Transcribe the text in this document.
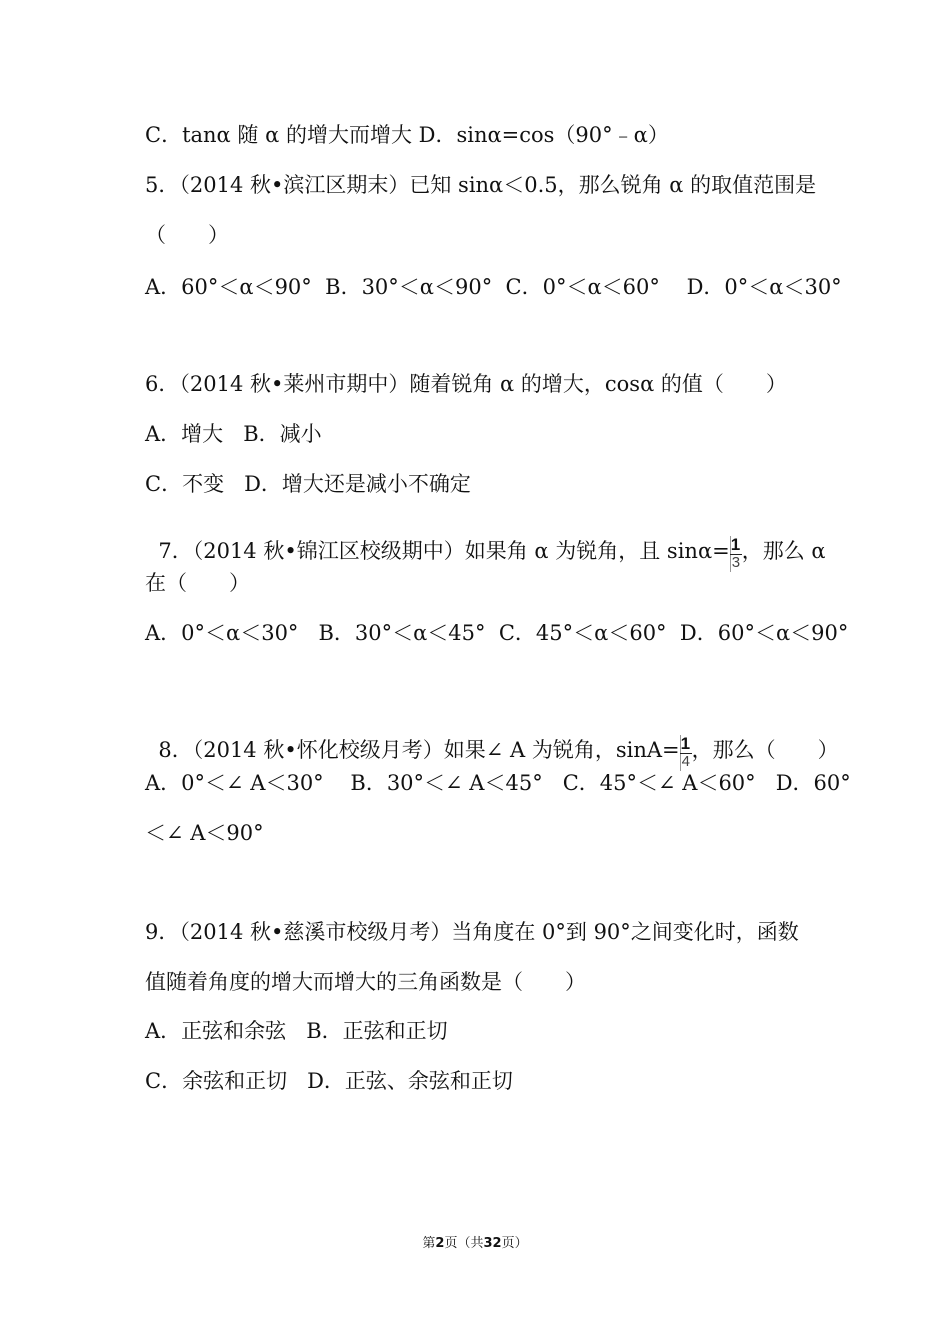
C．tanα 随 α 的增大而增大 D．sinα=cos（90°﹣α）
5．（2014 秋•滨江区期末）已知 sinα＜0.5，那么锐角 α 的取值范围是
（　　）
A．60°＜α＜90°  B．30°＜α＜90°  C．0°＜α＜60°    D．0°＜α＜30°
6．（2014 秋•莱州市期中）随着锐角 α 的增大，cosα 的值（　　）
A．增大   B．减小
C．不变   D．增大还是减小不确定

7．（2014 秋•锦江区校级期中）如果角 α 为锐角，且 $\sin\alpha= \frac{1}{3}$ ，那么 α

在（　　）
A．0°＜α＜30°   B．30°＜α＜45°  C．45°＜α＜60°  D．60°＜α＜90°

8．（2014 秋•怀化校级月考）如果∠ A 为锐角，$\sin A= \frac{1}{4}$ ，那么（　　）

A．0°＜∠ A＜30°    B．30°＜∠ A＜45°   C．45°＜∠ A＜60°   D．60°
＜∠ A＜90°
9．（2014 秋•慈溪市校级月考）当角度在 0°到 90°之间变化时，函数
值随着角度的增大而增大的三角函数是（　　）
A．正弦和余弦   B．正弦和正切
C．余弦和正切   D．正弦、余弦和正切
第2页（共32页）
